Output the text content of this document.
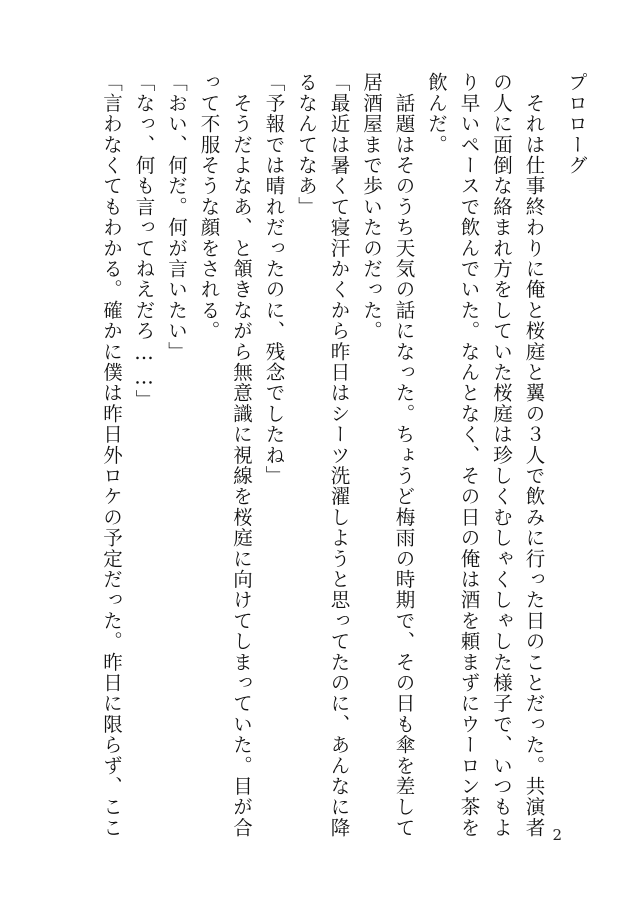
プロローグ
　それは仕事終わりに俺と桜庭と翼の３人で飲みに行った日のことだった。共演者
の人に面倒な絡まれ方をしていた桜庭は珍しくむしゃくしゃした様子で、いつもよ
り早いペースで飲んでいた。なんとなく、その日の俺は酒を頼まずにウーロン茶を
飲んだ。
　話題はそのうち天気の話になった。ちょうど梅雨の時期で、その日も傘を差して
居酒屋まで歩いたのだった。
「最近は暑くて寝汗かくから昨日はシーツ洗濯しようと思ってたのに、あんなに降
るなんてなあ」
「予報では晴れだったのに、残念でしたね」
　そうだよなあ、と頷きながら無意識に視線を桜庭に向けてしまっていた。目が合
って不服そうな顔をされる。
「おい、何だ。何が言いたい」
「なっ、何も言ってねえだろ……」
「言わなくてもわかる。確かに僕は昨日外ロケの予定だった。昨日に限らず、ここ	2
